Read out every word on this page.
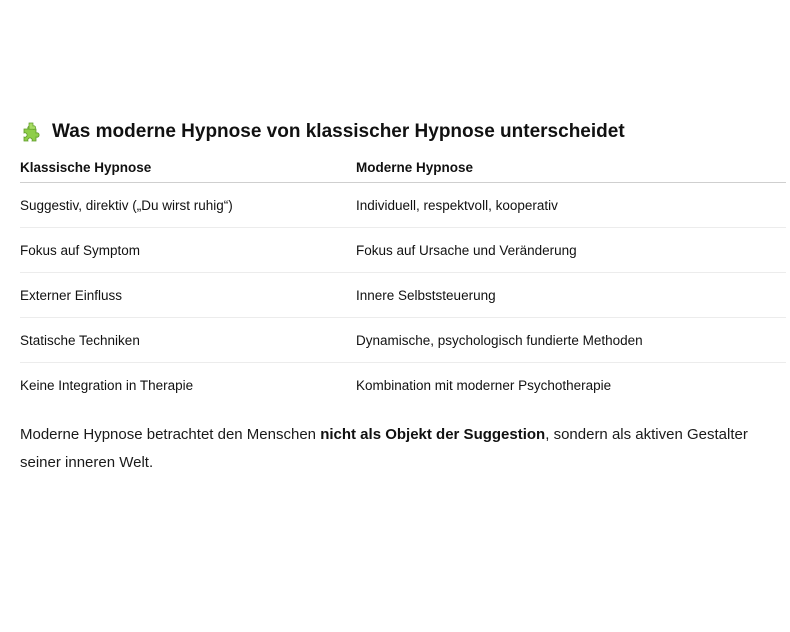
Was moderne Hypnose von klassischer Hypnose unterscheidet
Klassische Hypnose	Moderne Hypnose
Suggestiv, direktiv („Du wirst ruhig“)	Individuell, respektvoll, kooperativ
Fokus auf Symptom	Fokus auf Ursache und Veränderung
Externer Einfluss	Innere Selbststeuerung
Statische Techniken	Dynamische, psychologisch fundierte Methoden
Keine Integration in Therapie	Kombination mit moderner Psychotherapie

Moderne Hypnose betrachtet den Menschen nicht als Objekt der Suggestion, sondern als aktiven Gestalter seiner inneren Welt.
